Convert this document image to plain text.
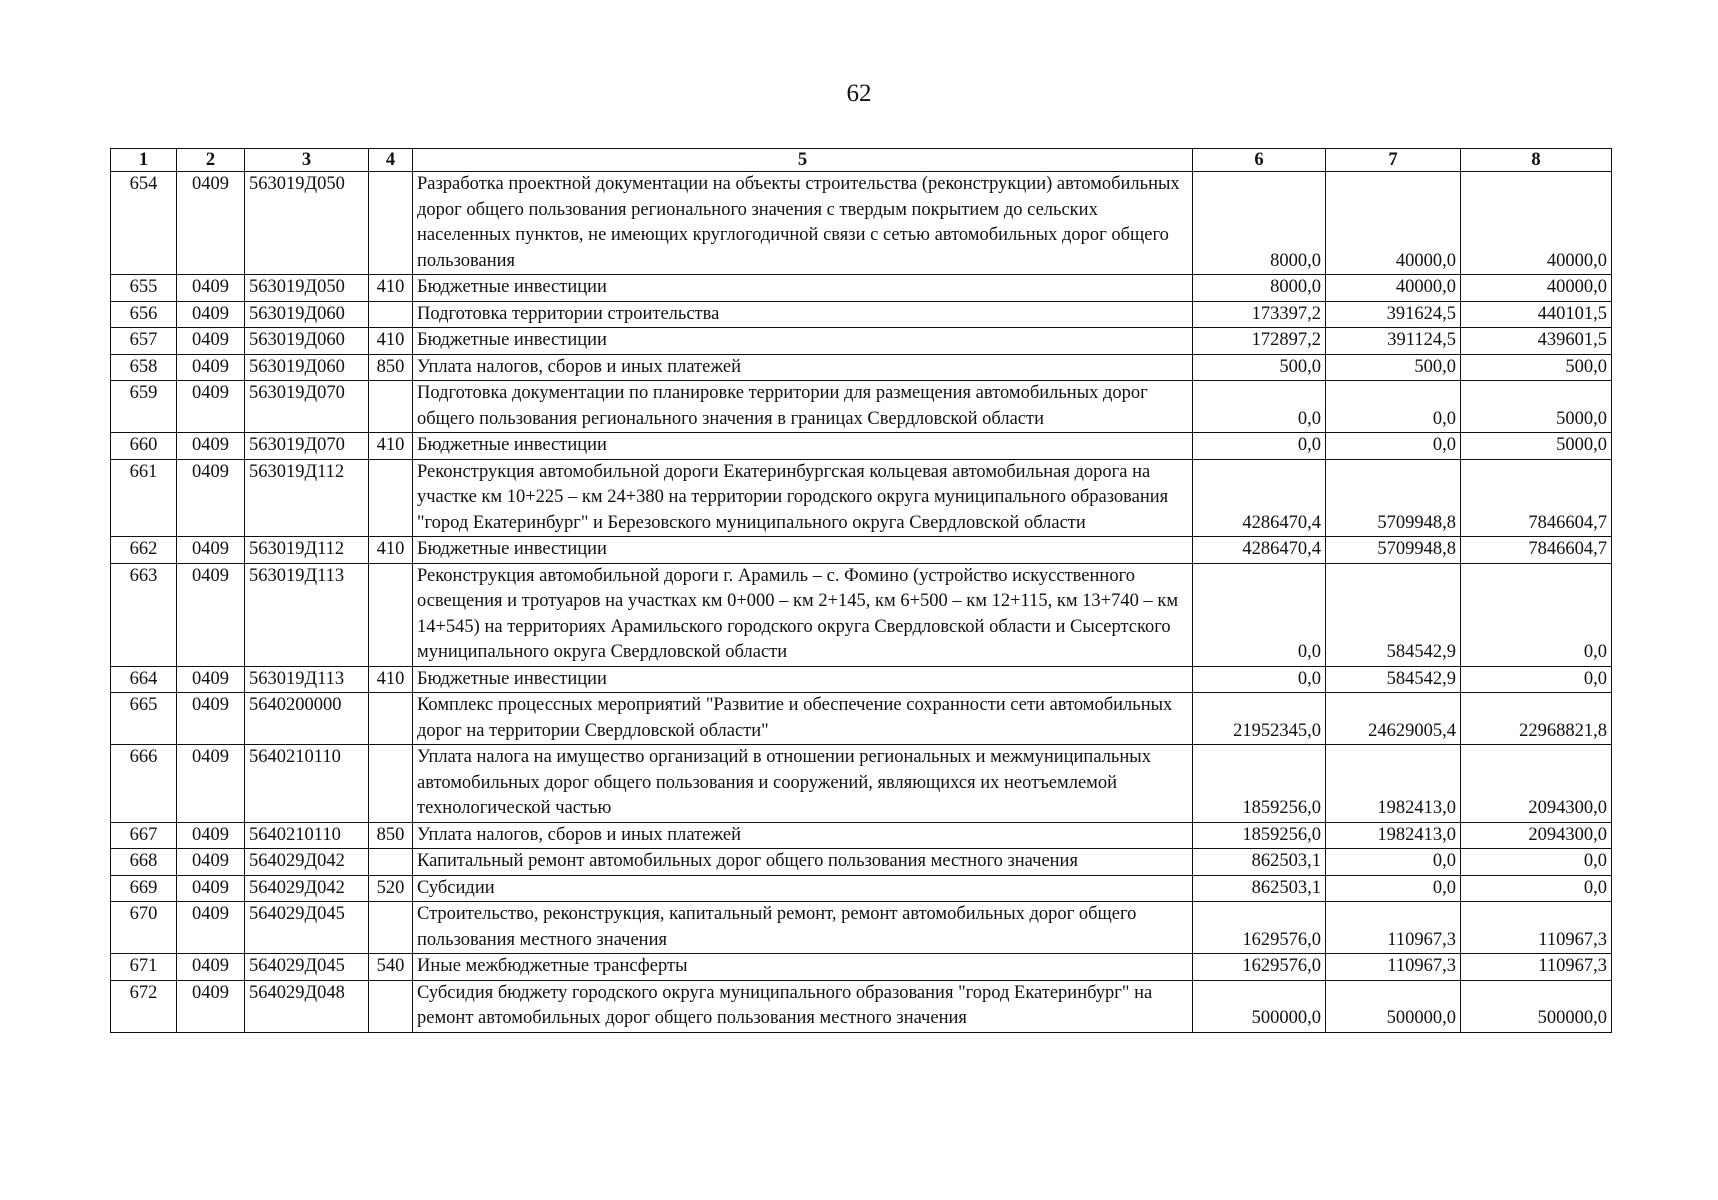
62
1	2	3	4	5	6	7	8
654	0409	563019Д050		Разработка проектной документации на объекты строительства (реконструкции) автомобильных дорог общего пользования регионального значения с твердым покрытием до сельских населенных пунктов, не имеющих круглогодичной связи с сетью автомобильных дорог общего пользования	8000,0	40000,0	40000,0
655	0409	563019Д050	410	Бюджетные инвестиции	8000,0	40000,0	40000,0
656	0409	563019Д060		Подготовка территории строительства	173397,2	391624,5	440101,5
657	0409	563019Д060	410	Бюджетные инвестиции	172897,2	391124,5	439601,5
658	0409	563019Д060	850	Уплата налогов, сборов и иных платежей	500,0	500,0	500,0
659	0409	563019Д070		Подготовка документации по планировке территории для размещения автомобильных дорог общего пользования регионального значения в границах Свердловской области	0,0	0,0	5000,0
660	0409	563019Д070	410	Бюджетные инвестиции	0,0	0,0	5000,0
661	0409	563019Д112		Реконструкция автомобильной дороги Екатеринбургская кольцевая автомобильная дорога на участке км 10+225 – км 24+380 на территории городского округа муниципального образования "город Екатеринбург" и Березовского муниципального округа Свердловской области	4286470,4	5709948,8	7846604,7
662	0409	563019Д112	410	Бюджетные инвестиции	4286470,4	5709948,8	7846604,7
663	0409	563019Д113		Реконструкция автомобильной дороги г. Арамиль – с. Фомино (устройство искусственного освещения и тротуаров на участках км 0+000 – км 2+145, км 6+500 – км 12+115, км 13+740 – км 14+545) на территориях Арамильского городского округа Свердловской области и Сысертского муниципального округа Свердловской области	0,0	584542,9	0,0
664	0409	563019Д113	410	Бюджетные инвестиции	0,0	584542,9	0,0
665	0409	5640200000		Комплекс процессных мероприятий "Развитие и обеспечение сохранности сети автомобильных дорог на территории Свердловской области"	21952345,0	24629005,4	22968821,8
666	0409	5640210110		Уплата налога на имущество организаций в отношении региональных и межмуниципальных автомобильных дорог общего пользования и сооружений, являющихся их неотъемлемой технологической частью	1859256,0	1982413,0	2094300,0
667	0409	5640210110	850	Уплата налогов, сборов и иных платежей	1859256,0	1982413,0	2094300,0
668	0409	564029Д042		Капитальный ремонт автомобильных дорог общего пользования местного значения	862503,1	0,0	0,0
669	0409	564029Д042	520	Субсидии	862503,1	0,0	0,0
670	0409	564029Д045		Строительство, реконструкция, капитальный ремонт, ремонт автомобильных дорог общего пользования местного значения	1629576,0	110967,3	110967,3
671	0409	564029Д045	540	Иные межбюджетные трансферты	1629576,0	110967,3	110967,3
672	0409	564029Д048		Субсидия бюджету городского округа муниципального образования "город Екатеринбург" на ремонт автомобильных дорог общего пользования местного значения	500000,0	500000,0	500000,0
